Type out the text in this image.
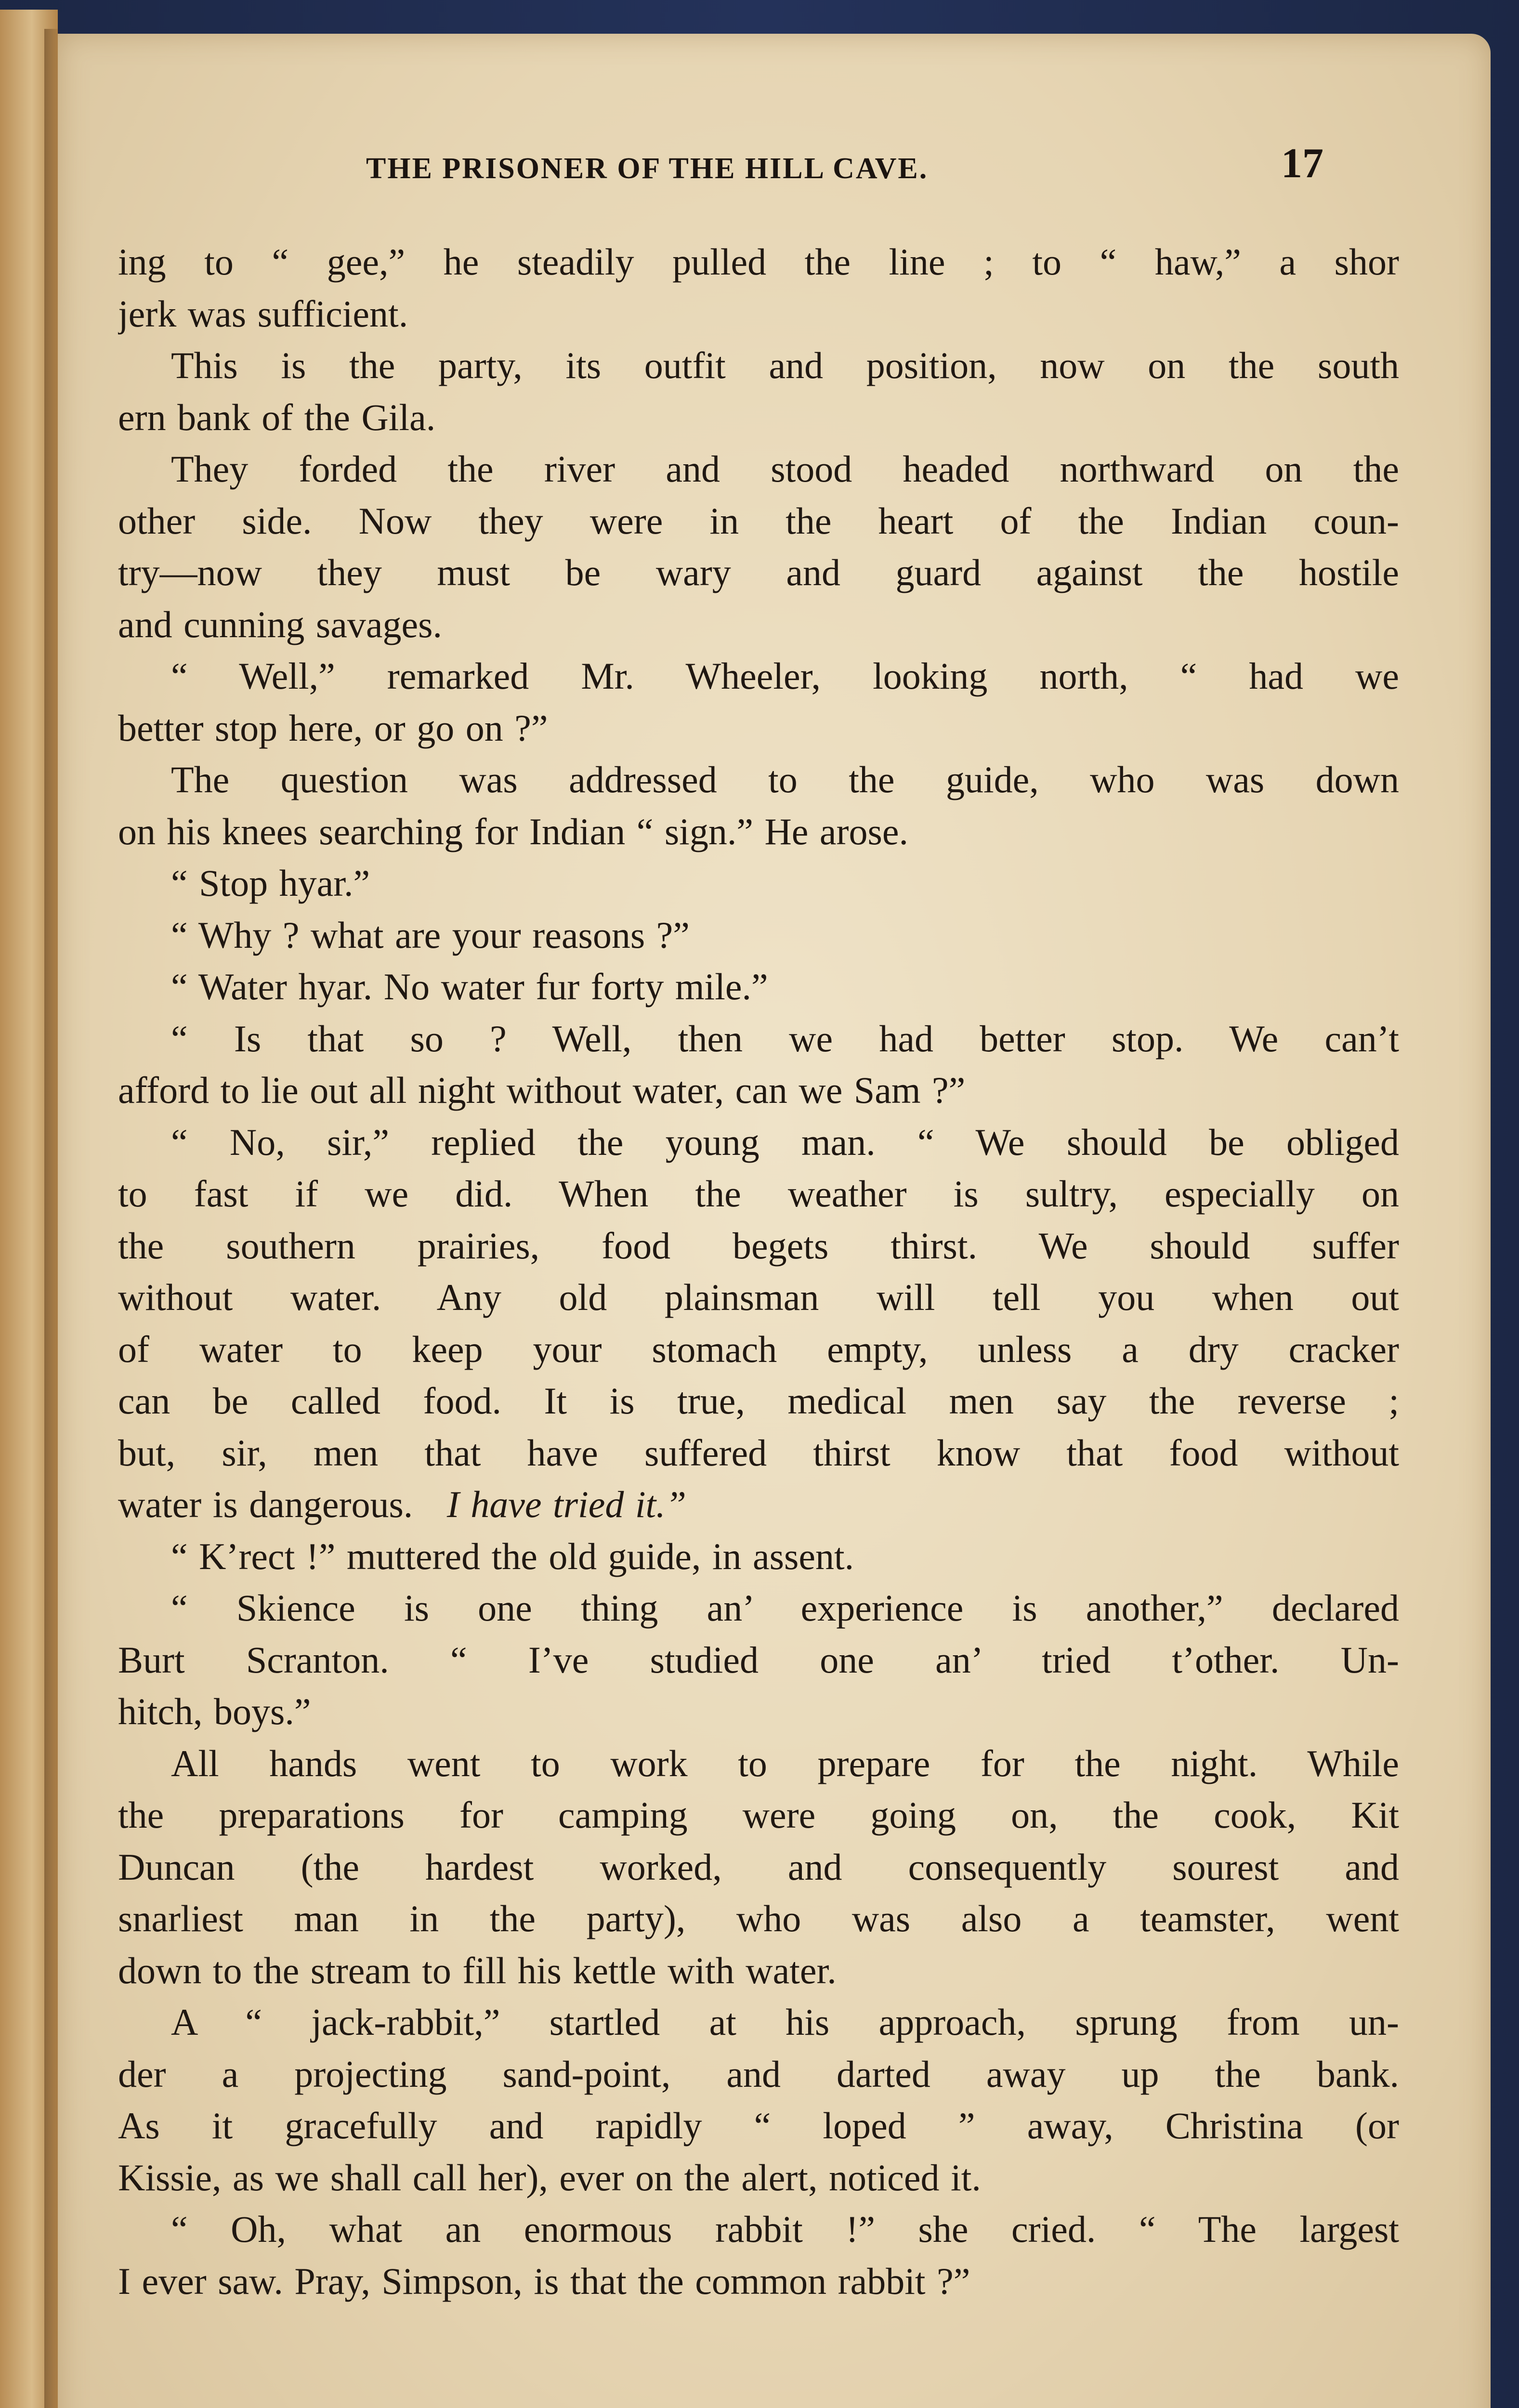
THE PRISONER OF THE HILL CAVE.	17
ing to “ gee,” he steadily pulled the line ; to “ haw,” a shor
jerk was sufficient.
This is the party, its outfit and position, now on the south
ern bank of the Gila.
They forded the river and stood headed northward on the
other side. Now they were in the heart of the Indian coun-
try—now they must be wary and guard against the hostile
and cunning savages.
“ Well,” remarked Mr. Wheeler, looking north, “ had we
better stop here, or go on ?”
The question was addressed to the guide, who was down
on his knees searching for Indian “ sign.” He arose.
“ Stop hyar.”
“ Why ? what are your reasons ?”
“ Water hyar. No water fur forty mile.”
“ Is that so ? Well, then we had better stop. We can’t
afford to lie out all night without water, can we Sam ?”
“ No, sir,” replied the young man. “ We should be obliged
to fast if we did. When the weather is sultry, especially on
the southern prairies, food begets thirst. We should suffer
without water. Any old plainsman will tell you when out
of water to keep your stomach empty, unless a dry cracker
can be called food. It is true, medical men say the reverse ;
but, sir, men that have suffered thirst know that food without
water is dangerous. I have tried it.”
“ K’rect !” muttered the old guide, in assent.
“ Skience is one thing an’ experience is another,” declared
Burt Scranton. “ I’ve studied one an’ tried t’other. Un-
hitch, boys.”
All hands went to work to prepare for the night. While
the preparations for camping were going on, the cook, Kit
Duncan (the hardest worked, and consequently sourest and
snarliest man in the party), who was also a teamster, went
down to the stream to fill his kettle with water.
A “ jack-rabbit,” startled at his approach, sprung from un-
der a projecting sand-point, and darted away up the bank.
As it gracefully and rapidly “ loped ” away, Christina (or
Kissie, as we shall call her), ever on the alert, noticed it.
“ Oh, what an enormous rabbit !” she cried. “ The largest
I ever saw. Pray, Simpson, is that the common rabbit ?”
